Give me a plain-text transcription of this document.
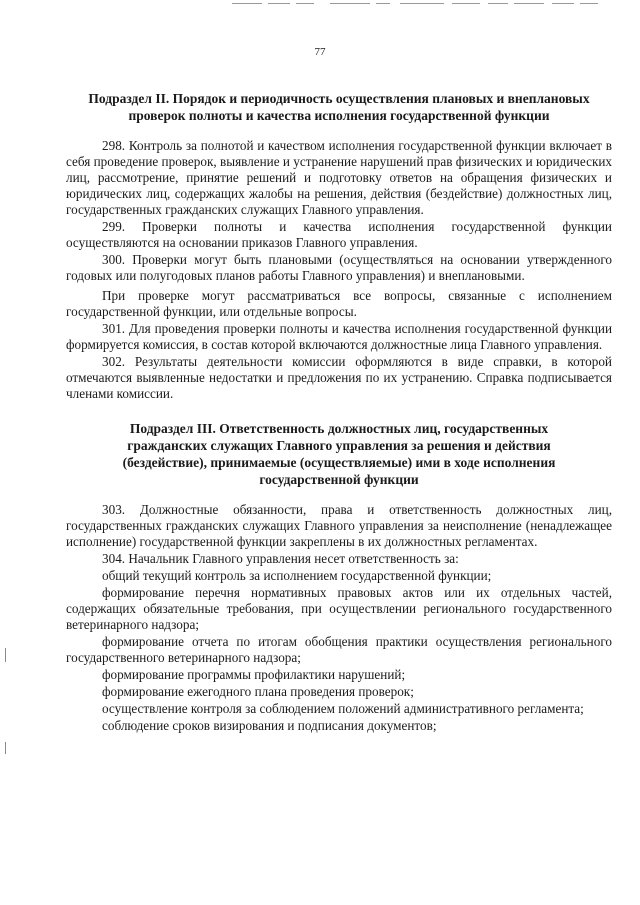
77
Подраздел II. Порядок и периодичность осуществления плановых и внеплановых проверок полноты и качества исполнения государственной функции
298. Контроль за полнотой и качеством исполнения государственной функции включает в себя проведение проверок, выявление и устранение нарушений прав физических и юридических лиц, рассмотрение, принятие решений и подготовку ответов на обращения физических и юридических лиц, содержащих жалобы на решения, действия (бездействие) должностных лиц, государственных гражданских служащих Главного управления.
299. Проверки полноты и качества исполнения государственной функции осуществляются на основании приказов Главного управления.
300. Проверки могут быть плановыми (осуществляться на основании утвержденного годовых или полугодовых планов работы Главного управления) и внеплановыми.
При проверке могут рассматриваться все вопросы, связанные с исполнением государственной функции, или отдельные вопросы.
301. Для проведения проверки полноты и качества исполнения государственной функции формируется комиссия, в состав которой включаются должностные лица Главного управления.
302. Результаты деятельности комиссии оформляются в виде справки, в которой отмечаются выявленные недостатки и предложения по их устранению. Справка подписывается членами комиссии.
Подраздел III. Ответственность должностных лиц, государственных гражданских служащих Главного управления за решения и действия (бездействие), принимаемые (осуществляемые) ими в ходе исполнения государственной функции
303. Должностные обязанности, права и ответственность должностных лиц, государственных гражданских служащих Главного управления за неисполнение (ненадлежащее исполнение) государственной функции закреплены в их должностных регламентах.
304. Начальник Главного управления несет ответственность за:
общий текущий контроль за исполнением государственной функции;
формирование перечня нормативных правовых актов или их отдельных частей, содержащих обязательные требования, при осуществлении регионального государственного ветеринарного надзора;
формирование отчета по итогам обобщения практики осуществления регионального государственного ветеринарного надзора;
формирование программы профилактики нарушений;
формирование ежегодного плана проведения проверок;
осуществление контроля за соблюдением положений административного регламента;
соблюдение сроков визирования и подписания документов;
